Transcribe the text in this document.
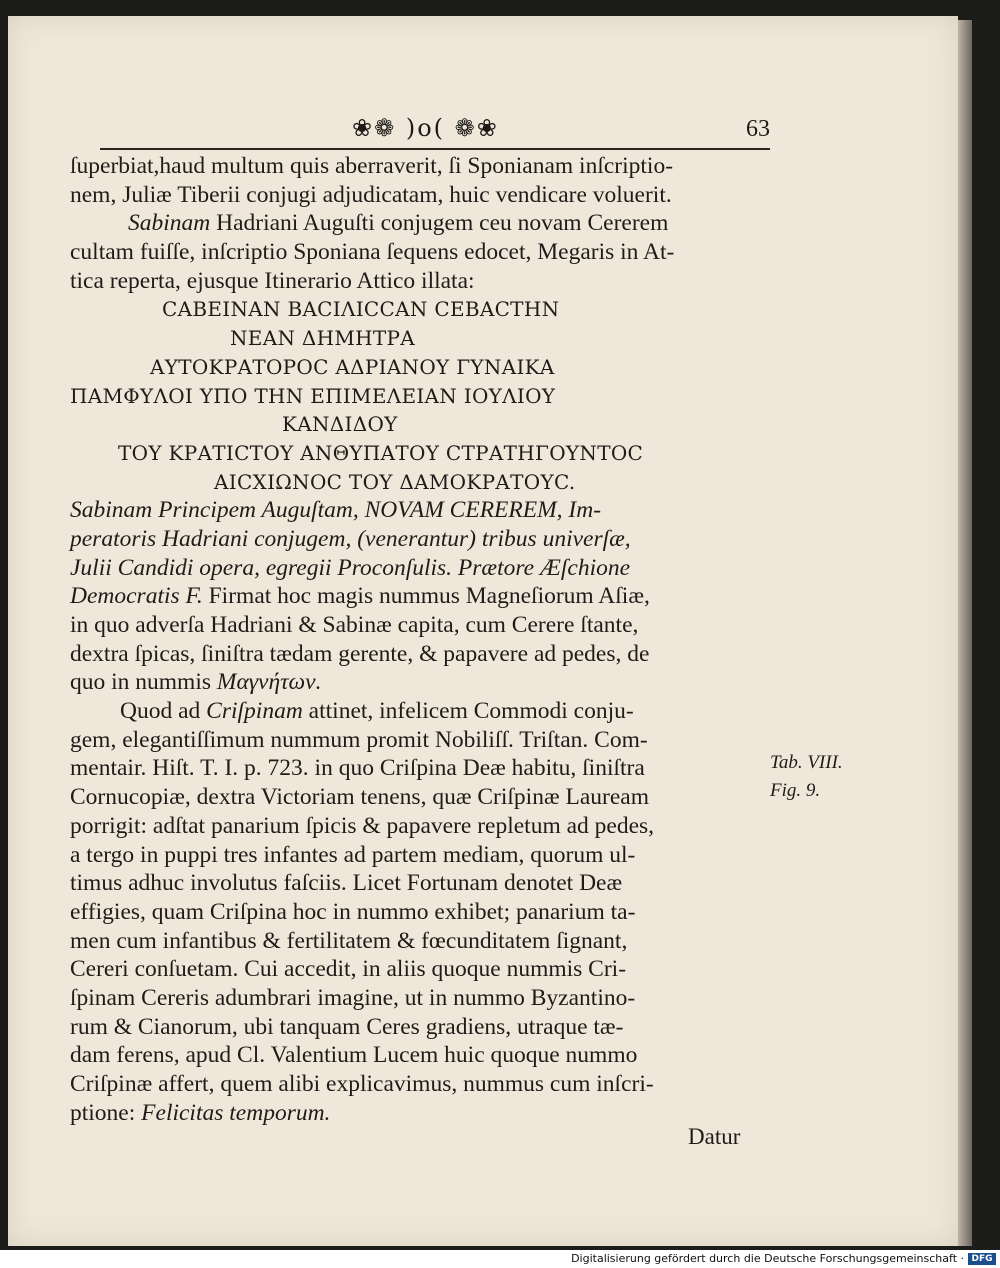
❀❁ )o( ❁❀	63
ſuperbiat,haud multum quis aberraverit, ſi Sponianam inſcriptio-
nem, Juliæ Tiberii conjugi adjudicatam, huic vendicare voluerit.
Sabinam Hadriani Auguſti conjugem ceu novam Cererem
cultam fuiſſe, inſcriptio Sponiana ſequens edocet, Megaris in At-
tica reperta, ejusque Itinerario Attico illata:
CΑΒΕΙΝΑΝ ΒΑCΙΛΙCCΑΝ CΕΒΑCΤΗΝ
ΝΕΑΝ ΔΗΜΗΤΡΑ
ΑΥΤΟΚΡΑΤΟΡΟC ΑΔΡΙΑΝΟΥ ΓΥΝΑΙΚΑ
ΠΑΜΦΥΛΟΙ ΥΠΟ ΤΗΝ ΕΠΙΜΕΛΕΙΑΝ ΙΟΥΛΙΟΥ
ΚΑΝΔΙΔΟΥ
ΤΟΥ ΚΡΑΤΙCΤΟΥ ΑΝΘΥΠΑΤΟΥ CΤΡΑΤΗΓΟΥΝΤΟC
ΑΙCΧΙΩΝΟC ΤΟΥ ΔΑΜΟΚΡΑΤΟΥC.
Sabinam Principem Auguſtam, NOVAM CEREREM, Im-
peratoris Hadriani conjugem, (venerantur) tribus univerſæ,
Julii Candidi opera, egregii Proconſulis. Prætore Æſchione
Democratis F. Firmat hoc magis nummus Magneſiorum Aſiæ,
in quo adverſa Hadriani & Sabinæ capita, cum Cerere ſtante,
dextra ſpicas, ſiniſtra tædam gerente, & papavere ad pedes, de
quo in nummis Μαγνήτων.
Quod ad Criſpinam attinet, infelicem Commodi conju-
gem, elegantiſſimum nummum promit Nobiliſſ. Triſtan. Com-
mentair. Hiſt. T. I. p. 723. in quo Criſpina Deæ habitu, ſiniſtra
Cornucopiæ, dextra Victoriam tenens, quæ Criſpinæ Lauream
porrigit: adſtat panarium ſpicis & papavere repletum ad pedes,
a tergo in puppi tres infantes ad partem mediam, quorum ul-
timus adhuc involutus faſciis. Licet Fortunam denotet Deæ
effigies, quam Criſpina hoc in nummo exhibet; panarium ta-
men cum infantibus & fertilitatem & fœcunditatem ſignant,
Cereri conſuetam. Cui accedit, in aliis quoque nummis Cri-
ſpinam Cereris adumbrari imagine, ut in nummo Byzantino-
rum & Cianorum, ubi tanquam Ceres gradiens, utraque tæ-
dam ferens, apud Cl. Valentium Lucem huic quoque nummo
Criſpinæ affert, quem alibi explicavimus, nummus cum inſcri-
ptione: Felicitas temporum.
Tab. VIII.
Fig. 9.
Datur
Digitalisierung gefördert durch die Deutsche Forschungsgemeinschaft · DFG
